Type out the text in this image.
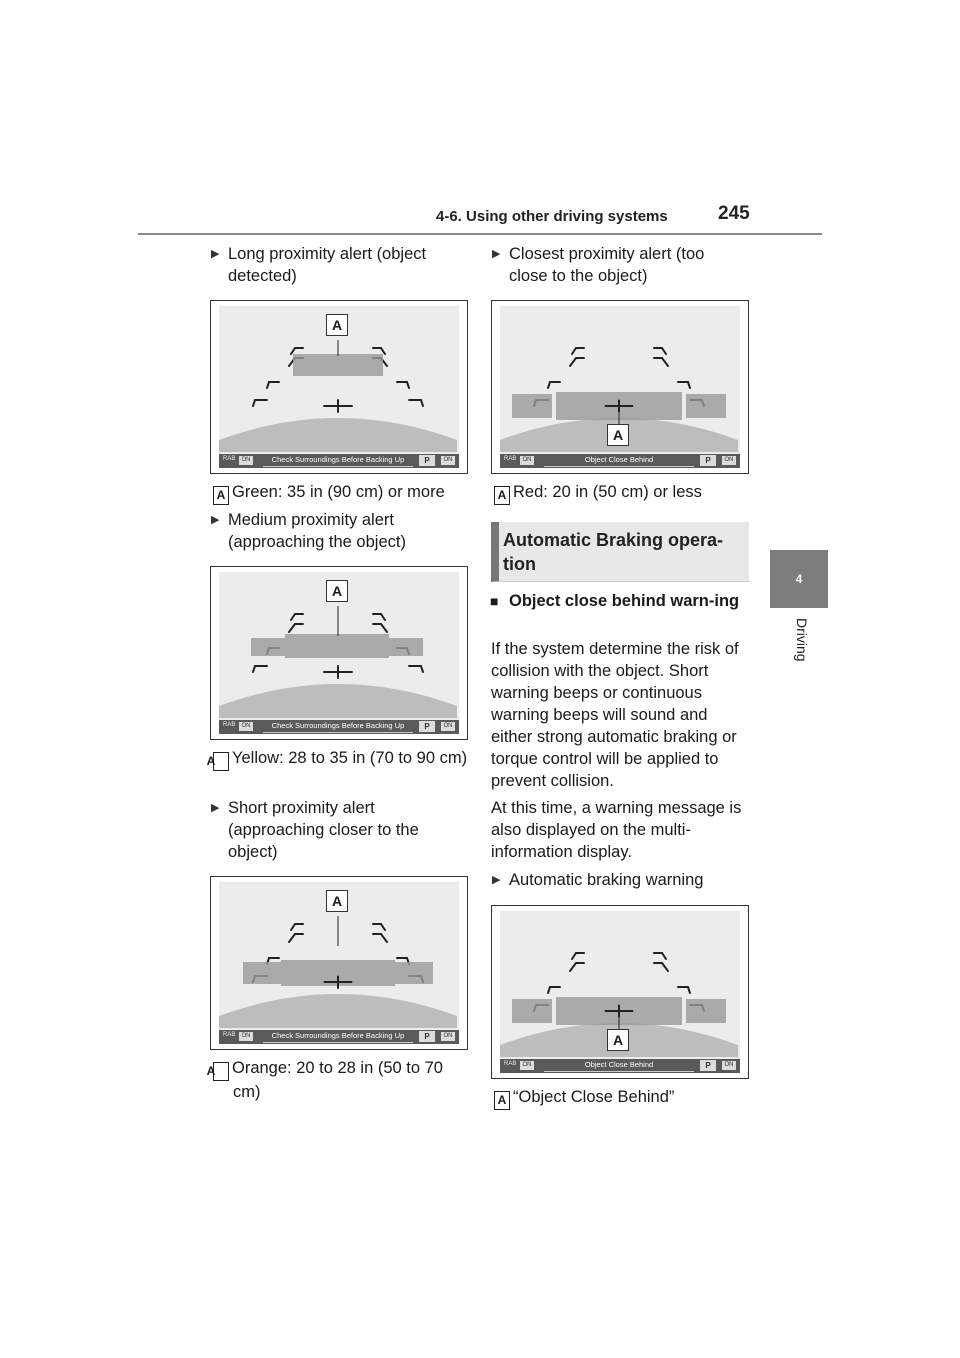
4-6. Using other driving systems	245
4
Driving
▶ Long proximity alert (object detected)
A
RAB	ON	Check Surroundings Before Backing Up	P	ON
A Green: 35 in (90 cm) or more
▶ Medium proximity alert (approaching the object)
A
RAB	ON	Check Surroundings Before Backing Up	P	ON
A Yellow: 28 to 35 in (70 to 90 cm)
▶ Short proximity alert (approaching closer to the object)
A
RAB	ON	Check Surroundings Before Backing Up	P	ON
A Orange: 20 to 28 in (50 to 70 cm)
▶ Closest proximity alert (too close to the object)
A
RAB	ON	Object Close Behind	P	ON
A Red: 20 in (50 cm) or less
Automatic Braking opera-tion
■ Object close behind warn-ing
If the system determine the risk of collision with the object. Short warning beeps or continuous warning beeps will sound and either strong automatic braking or torque control will be applied to prevent collision.
At this time, a warning message is also displayed on the multi-information display.
▶ Automatic braking warning
A
RAB	ON	Object Close Behind	P	ON
A “Object Close Behind”
